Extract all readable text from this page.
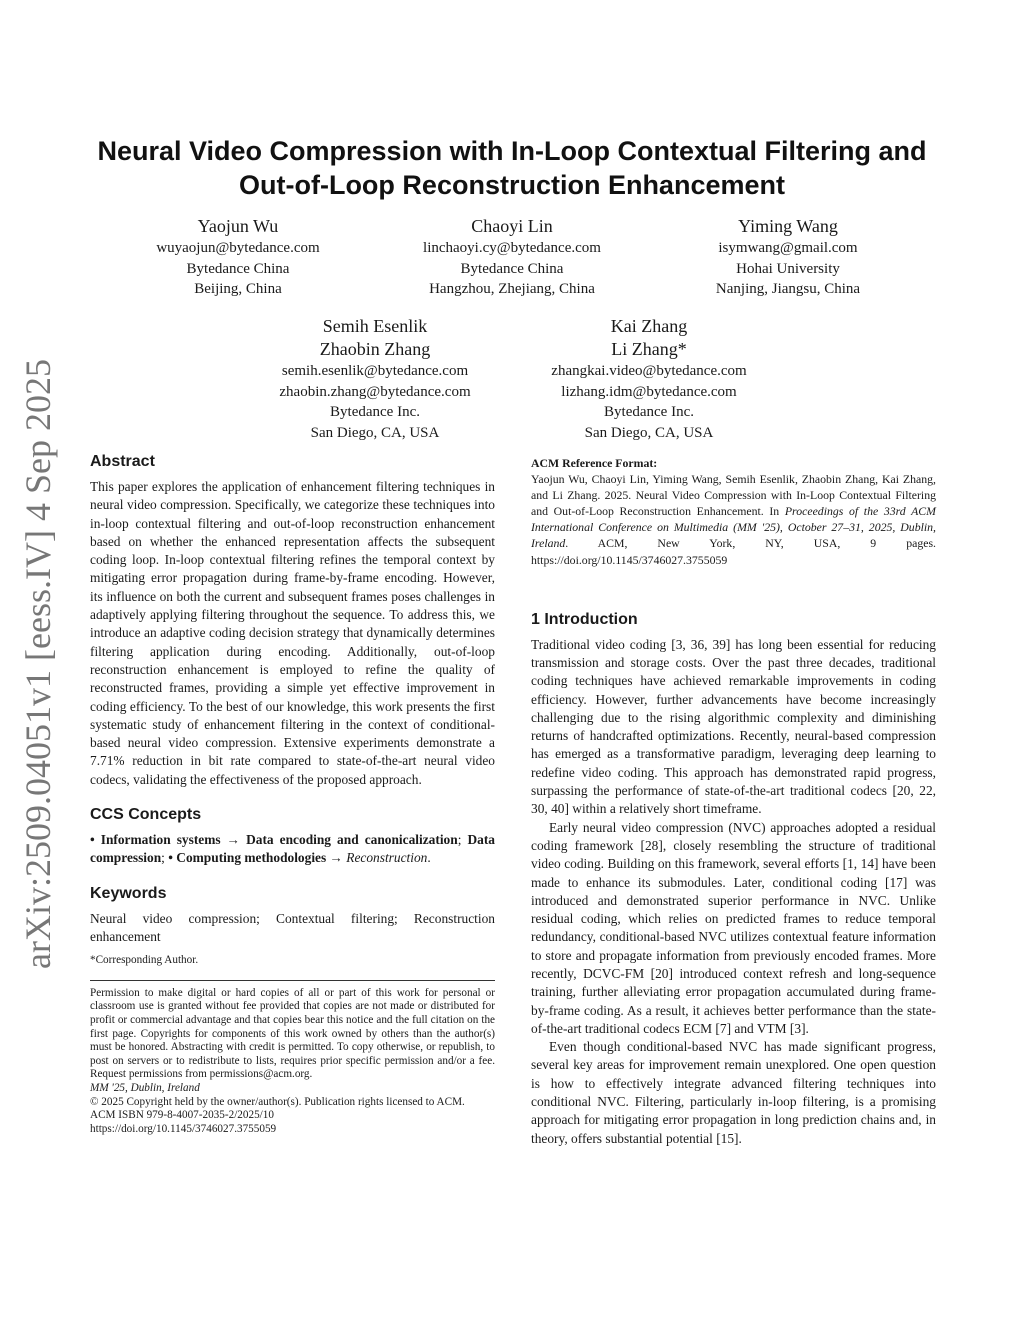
arXiv:2509.04051v1 [eess.IV] 4 Sep 2025
Neural Video Compression with In-Loop Contextual Filtering and
Out-of-Loop Reconstruction Enhancement
Yaojun Wu
wuyaojun@bytedance.com
Bytedance China
Beijing, China
Chaoyi Lin
linchaoyi.cy@bytedance.com
Bytedance China
Hangzhou, Zhejiang, China
Yiming Wang
isymwang@gmail.com
Hohai University
Nanjing, Jiangsu, China
Semih Esenlik
Zhaobin Zhang
semih.esenlik@bytedance.com
zhaobin.zhang@bytedance.com
Bytedance Inc.
San Diego, CA, USA
Kai Zhang
Li Zhang*
zhangkai.video@bytedance.com
lizhang.idm@bytedance.com
Bytedance Inc.
San Diego, CA, USA
Abstract

This paper explores the application of enhancement filtering techniques in neural video compression. Specifically, we categorize these techniques into in-loop contextual filtering and out-of-loop reconstruction enhancement based on whether the enhanced representation affects the subsequent coding loop. In-loop contextual filtering refines the temporal context by mitigating error propagation during frame-by-frame encoding. However, its influence on both the current and subsequent frames poses challenges in adaptively applying filtering throughout the sequence. To address this, we introduce an adaptive coding decision strategy that dynamically determines filtering application during encoding. Additionally, out-of-loop reconstruction enhancement is employed to refine the quality of reconstructed frames, providing a simple yet effective improvement in coding efficiency. To the best of our knowledge, this work presents the first systematic study of enhancement filtering in the context of conditional-based neural video compression. Extensive experiments demonstrate a 7.71% reduction in bit rate compared to state-of-the-art neural video codecs, validating the effectiveness of the proposed approach.

CCS Concepts

• Information systems → Data encoding and canonicalization; Data compression; • Computing methodologies → Reconstruction.

Keywords

Neural video compression; Contextual filtering; Reconstruction enhancement

*Corresponding Author.
Permission to make digital or hard copies of all or part of this work for personal or classroom use is granted without fee provided that copies are not made or distributed for profit or commercial advantage and that copies bear this notice and the full citation on the first page. Copyrights for components of this work owned by others than the author(s) must be honored. Abstracting with credit is permitted. To copy otherwise, or republish, to post on servers or to redistribute to lists, requires prior specific permission and/or a fee. Request permissions from permissions@acm.org.
MM '25, Dublin, Ireland
© 2025 Copyright held by the owner/author(s). Publication rights licensed to ACM.
ACM ISBN 979-8-4007-2035-2/2025/10
https://doi.org/10.1145/3746027.3755059
ACM Reference Format:
Yaojun Wu, Chaoyi Lin, Yiming Wang, Semih Esenlik, Zhaobin Zhang, Kai Zhang, and Li Zhang. 2025. Neural Video Compression with In-Loop Contextual Filtering and Out-of-Loop Reconstruction Enhancement. In Proceedings of the 33rd ACM International Conference on Multimedia (MM '25), October 27–31, 2025, Dublin, Ireland. ACM, New York, NY, USA, 9 pages. https://doi.org/10.1145/3746027.3755059
1 Introduction

Traditional video coding [3, 36, 39] has long been essential for reducing transmission and storage costs. Over the past three decades, traditional coding techniques have achieved remarkable improvements in coding efficiency. However, further advancements have become increasingly challenging due to the rising algorithmic complexity and diminishing returns of handcrafted optimizations. Recently, neural-based compression has emerged as a transformative paradigm, leveraging deep learning to redefine video coding. This approach has demonstrated rapid progress, surpassing the performance of state-of-the-art traditional codecs [20, 22, 30, 40] within a relatively short timeframe.

Early neural video compression (NVC) approaches adopted a residual coding framework [28], closely resembling the structure of traditional video coding. Building on this framework, several efforts [1, 14] have been made to enhance its submodules. Later, conditional coding [17] was introduced and demonstrated superior performance in NVC. Unlike residual coding, which relies on predicted frames to reduce temporal redundancy, conditional-based NVC utilizes contextual feature information to store and propagate information from previously encoded frames. More recently, DCVC-FM [20] introduced context refresh and long-sequence training, further alleviating error propagation accumulated during frame-by-frame coding. As a result, it achieves better performance than the state-of-the-art traditional codecs ECM [7] and VTM [3].

Even though conditional-based NVC has made significant progress, several key areas for improvement remain unexplored. One open question is how to effectively integrate advanced filtering techniques into conditional NVC. Filtering, particularly in-loop filtering, is a promising approach for mitigating error propagation in long prediction chains and, in theory, offers substantial potential [15].
